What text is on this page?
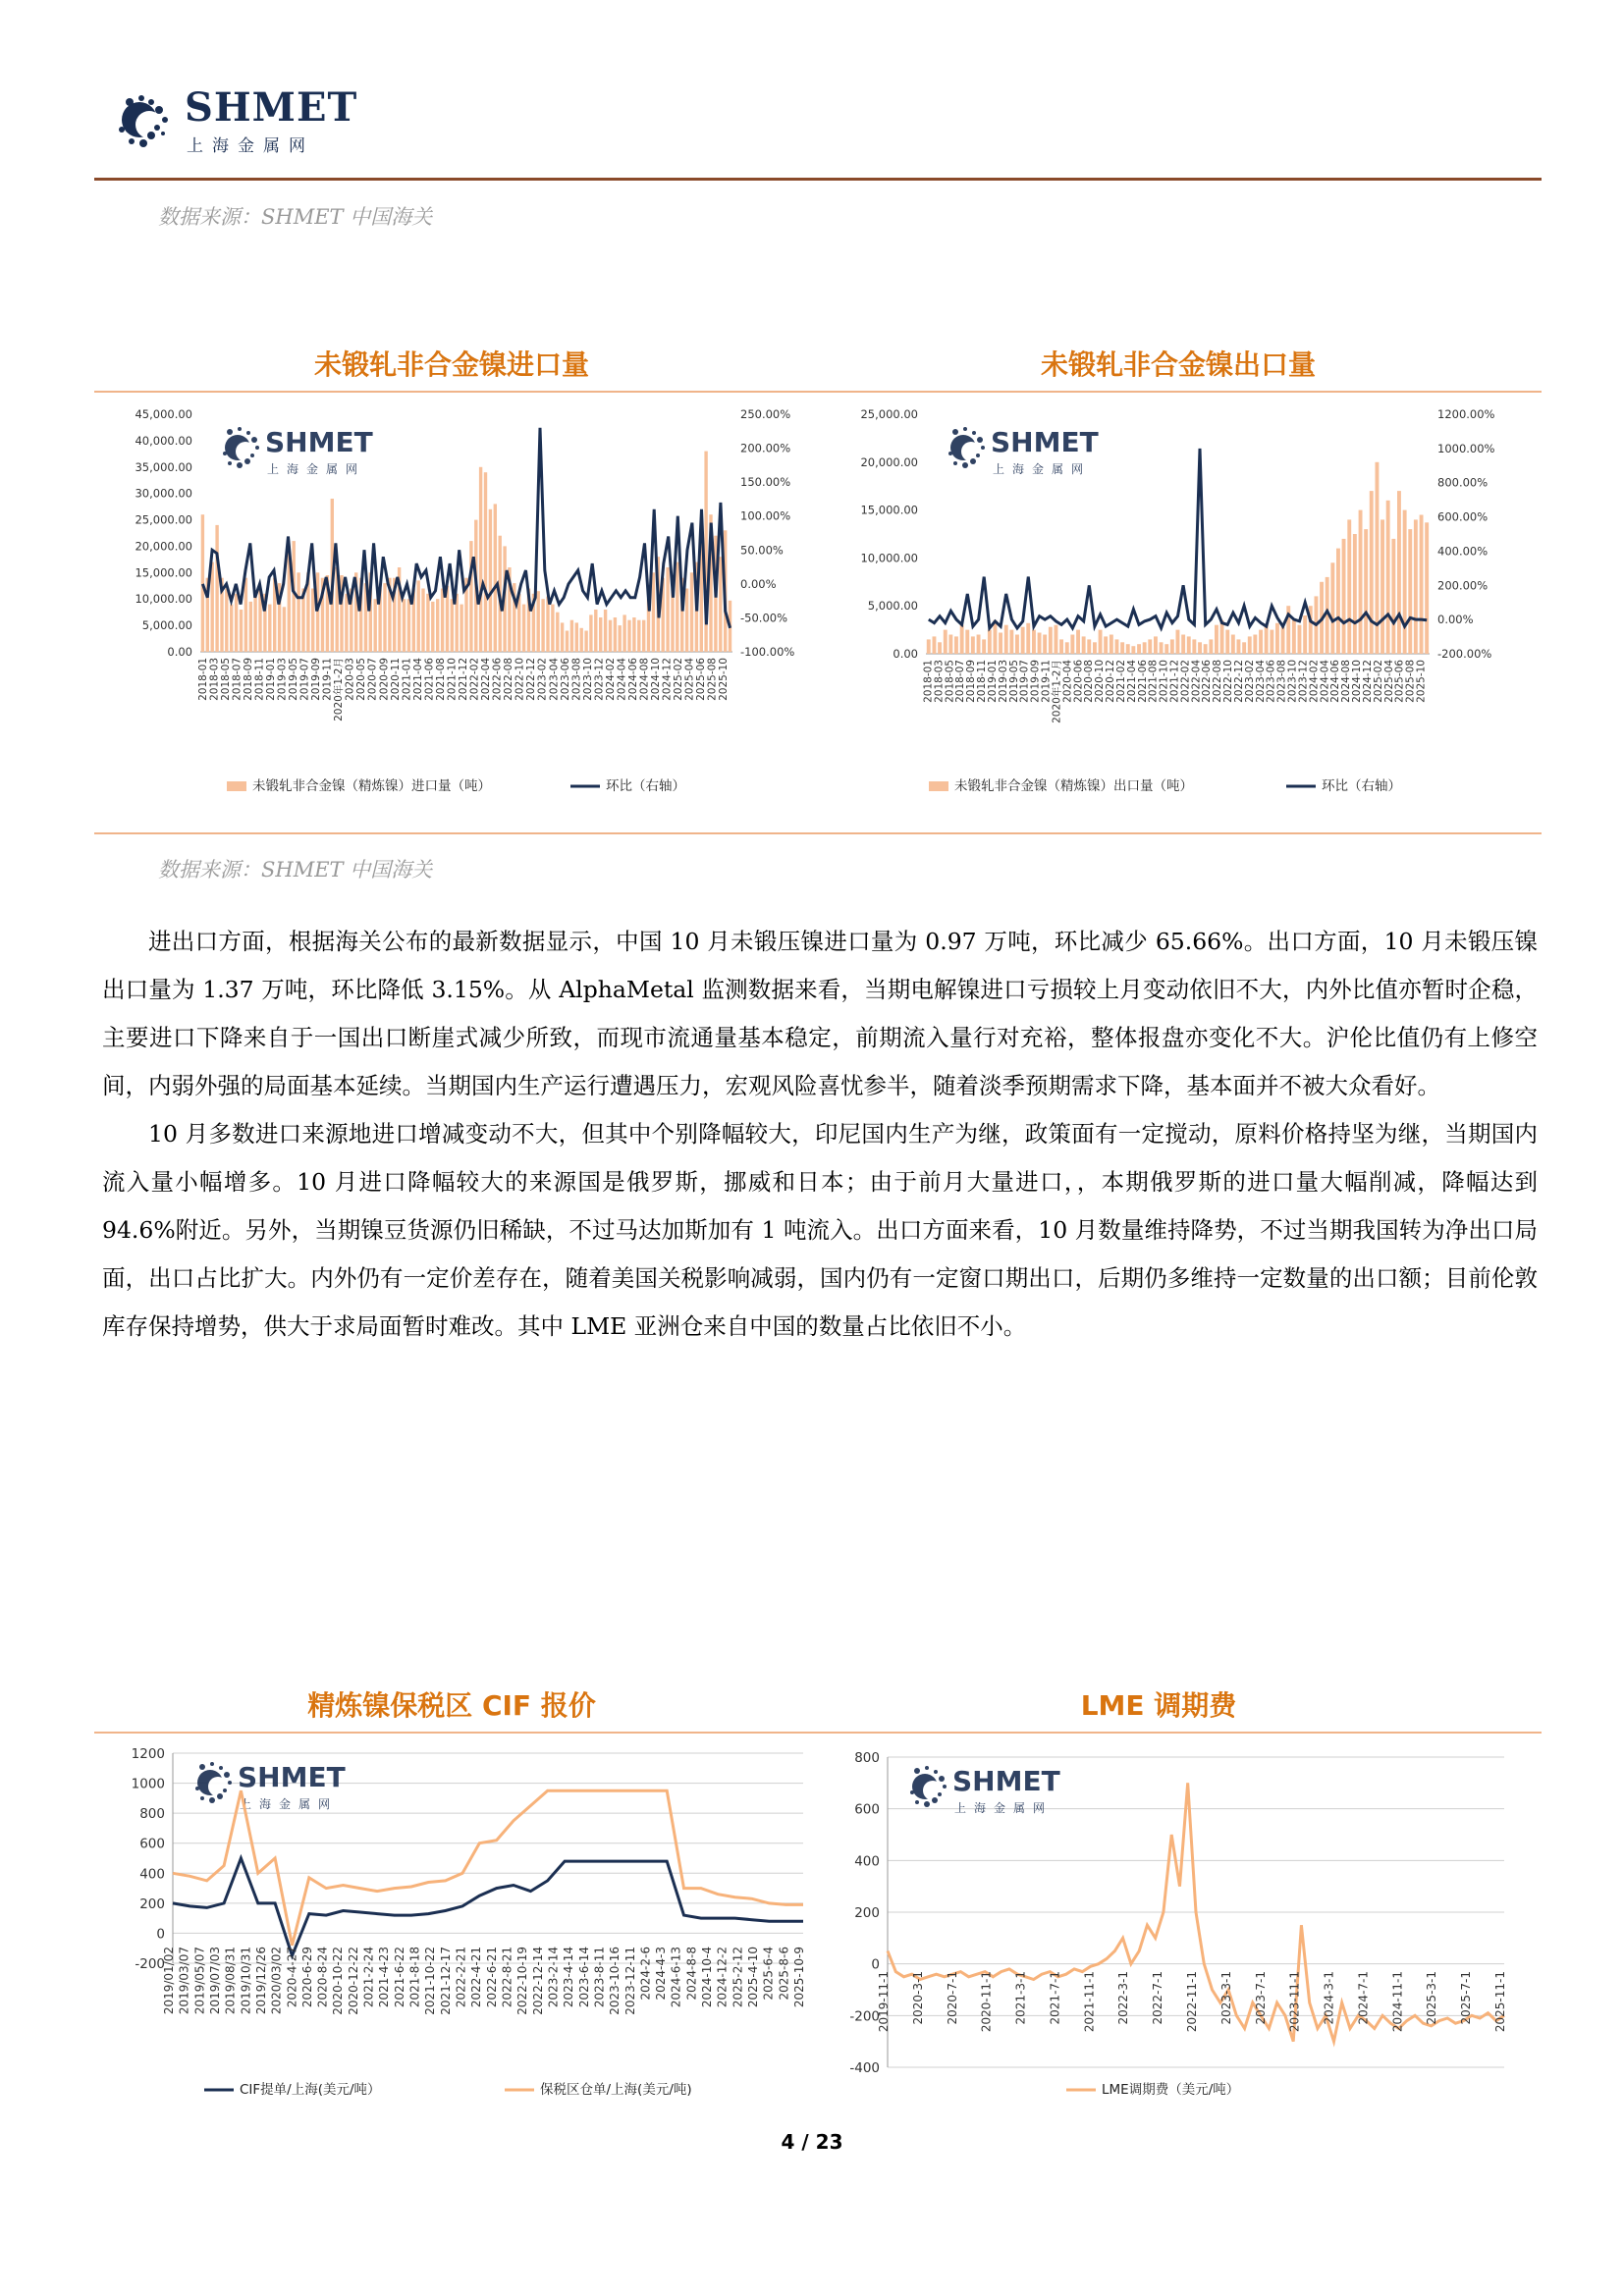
SHMET
上海金属网
数据来源：SHMET 中国海关
未锻轧非合金镍进口量
45,000.00
40,000.00
35,000.00
30,000.00
25,000.00
20,000.00
15,000.00
10,000.00
5,000.00
0.00
250.00%
200.00%
150.00%
100.00%
50.00%
0.00%
-50.00%
-100.00%
SHMET
上海金属网
2018-01 2018-03 2018-05 2018-07 2018-09 2018-11 2019-01 2019-03 2019-05 2019-07 2019-09 2019-11 2020年1-2月 2020-03 2020-05 2020-07 2020-09 2020-11 2021-01 2021-04 2021-06 2021-08 2021-10 2021-12 2022-02 2022-04 2022-06 2022-08 2022-10 2022-12 2023-02 2023-04 2023-06 2023-08 2023-10 2023-12 2024-02 2024-04 2024-06 2024-08 2024-10 2024-12 2025-02 2025-04 2025-06 2025-08 2025-10
未锻轧非合金镍（精炼镍）进口量（吨）	环比（右轴）
25,000.00
20,000.00
15,000.00
10,000.00
5,000.00
0.00
1200.00%
1000.00%
800.00%
600.00%
400.00%
200.00%
0.00%
-200.00%
SHMET
上海金属网
2018-01
2018-03
2018-05
2018-07
2018-09
2018-11
2019-01
2019-03
2019-05
2019-07
2019-09
2019-11
2020年1-2月
2020-04
2020-06
2020-08
2020-10
2020-12
2021-02
2021-04
2021-06
2021-08
2021-10
2021-12
2022-02
2022-04
2022-06
2022-08
2022-10
2022-12
2023-02
2023-04
2023-06
2023-08
2023-10
2023-12
2024-02
2024-04
2024-06
2024-08
2024-10
2024-12
2025-02
2025-04
2025-06
2025-08
2025-10
未锻轧非合金镍（精炼镍）出口量（吨）	环比（右轴）
未锻轧非合金镍出口量
数据来源：SHMET 中国海关

进出口方面，根据海关公布的最新数据显示，中国 10 月未锻压镍进口量为 0.97 万吨，环比减少 65.66%。出口方面，10 月未锻压镍出口量为 1.37 万吨，环比降低 3.15%。从 AlphaMetal 监测数据来看，当期电解镍进口亏损较上月变动依旧不大，内外比值亦暂时企稳，主要进口下降来自于一国出口断崖式减少所致，而现市流通量基本稳定，前期流入量行对充裕，整体报盘亦变化不大。沪伦比值仍有上修空间，内弱外强的局面基本延续。当期国内生产运行遭遇压力，宏观风险喜忧参半，随着淡季预期需求下降，基本面并不被大众看好。

10 月多数进口来源地进口增减变动不大，但其中个别降幅较大，印尼国内生产为继，政策面有一定搅动，原料价格持坚为继，当期国内流入量小幅增多。10 月进口降幅较大的来源国是俄罗斯，挪威和日本；由于前月大量进口，，本期俄罗斯的进口量大幅削减，降幅达到 94.6%附近。另外，当期镍豆货源仍旧稀缺，不过马达加斯加有 1 吨流入。出口方面来看，10 月数量维持降势，不过当期我国转为净出口局面，出口占比扩大。内外仍有一定价差存在，随着美国关税影响减弱，国内仍有一定窗口期出口，后期仍多维持一定数量的出口额；目前伦敦库存保持增势，供大于求局面暂时难改。其中 LME 亚洲仓来自中国的数量占比依旧不小。

精炼镍保税区 CIF 报价	LME 调期费
1200
1000
800
600
400
200
0
-200
SHMET
上海金属网
2019/01/02 2019/03/07 2019/05/07 2019/07/03 2019/08/31 2019/10/31 2019/12/26 2020/03/02 2020-4-27 2020-6-29 2020-8-24 2020-10-22 2020-12-22 2021-2-24 2021-4-23 2021-6-22 2021-8-18 2021-10-22 2021-12-17 2022-2-21 2022-4-21 2022-6-21 2022-8-21 2022-10-19 2022-12-14 2023-2-14 2023-4-14 2023-6-14 2023-8-11 2023-10-16 2023-12-11 2024-2-6 2024-4-3 2024-6-13 2024-8-8 2024-10-4 2024-12-2 2025-2-12 2025-4-10 2025-6-4 2025-8-6 2025-10-9
CIF提单/上海(美元/吨）	保税区仓单/上海(美元/吨)
800
600
400
200
0
-200
-400
SHMET
上海金属网
2019-11-1 2020-3-1 2020-7-1 2020-11-1 2021-3-1 2021-7-1 2021-11-1 2022-3-1 2022-7-1 2022-11-1 2023-3-1 2023-7-1 2023-11-1 2024-3-1 2024-7-1 2024-11-1 2025-3-1 2025-7-1 2025-11-1
LME调期费（美元/吨）
4 / 23
